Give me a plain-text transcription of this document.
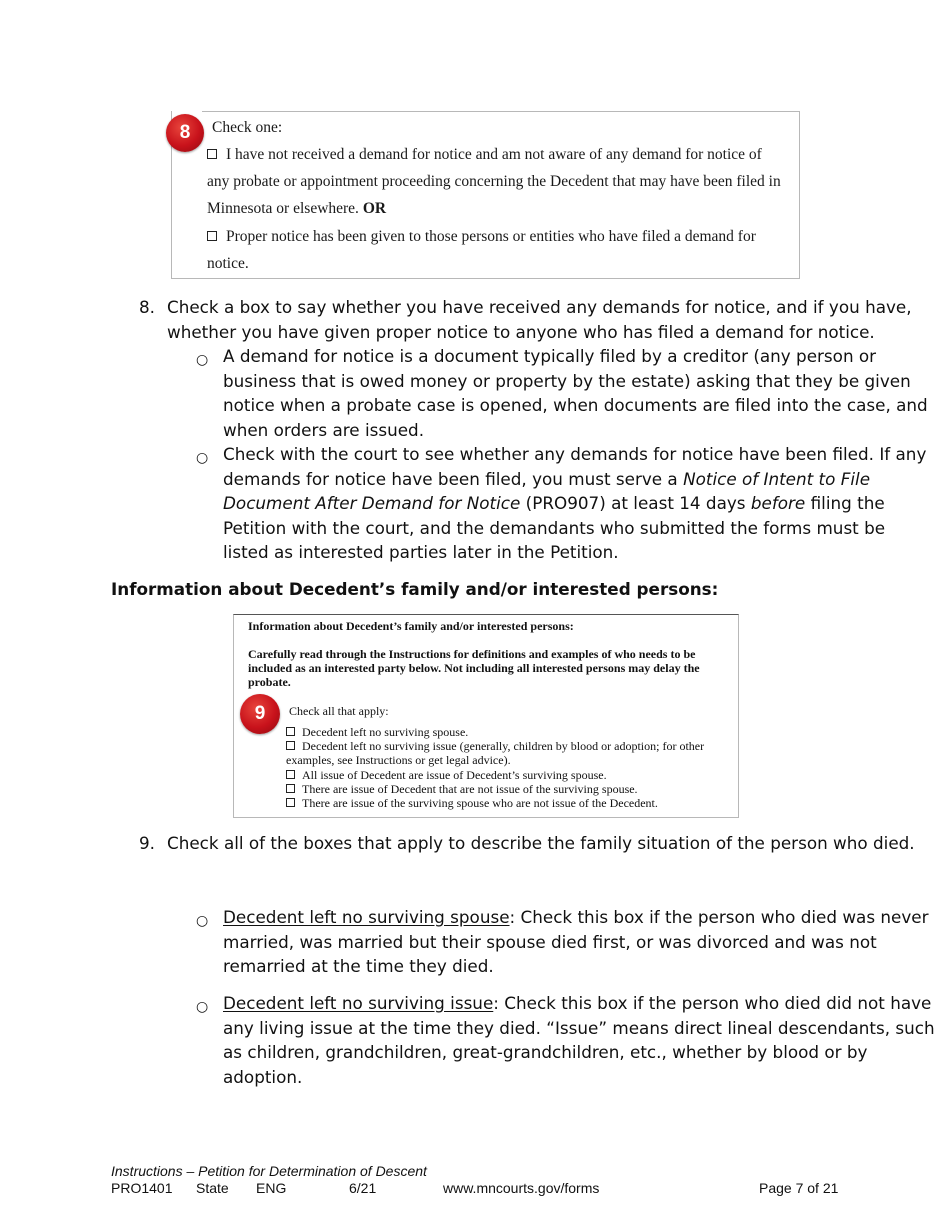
8	Check one:
I have not received a demand for notice and am not aware of any demand for notice of
any probate or appointment proceeding concerning the Decedent that may have been filed in
Minnesota or elsewhere. OR
Proper notice has been given to those persons or entities who have filed a demand for
notice.
8. Check a box to say whether you have received any demands for notice, and if you have,
whether you have given proper notice to anyone who has filed a demand for notice.
○ A demand for notice is a document typically filed by a creditor (any person or
business that is owed money or property by the estate) asking that they be given
notice when a probate case is opened, when documents are filed into the case, and
when orders are issued.
○ Check with the court to see whether any demands for notice have been filed. If any
demands for notice have been filed, you must serve a Notice of Intent to File
Document After Demand for Notice (PRO907) at least 14 days before filing the
Petition with the court, and the demandants who submitted the forms must be
listed as interested parties later in the Petition.
Information about Decedent’s family and/or interested persons:
Information about Decedent’s family and/or interested persons:
Carefully read through the Instructions for definitions and examples of who needs to be
included as an interested party below. Not including all interested persons may delay the
probate.
9	Check all that apply:
Decedent left no surviving spouse.
Decedent left no surviving issue (generally, children by blood or adoption; for other
examples, see Instructions or get legal advice).
All issue of Decedent are issue of Decedent’s surviving spouse.
There are issue of Decedent that are not issue of the surviving spouse.
There are issue of the surviving spouse who are not issue of the Decedent.
9. Check all of the boxes that apply to describe the family situation of the person who died.
○ Decedent left no surviving spouse: Check this box if the person who died was never
married, was married but their spouse died first, or was divorced and was not
remarried at the time they died.
○ Decedent left no surviving issue: Check this box if the person who died did not have
any living issue at the time they died. “Issue” means direct lineal descendants, such
as children, grandchildren, great-grandchildren, etc., whether by blood or by
adoption.
Instructions – Petition for Determination of Descent
PRO1401 State ENG	6/21	www.mncourts.gov/forms	Page 7 of 21
